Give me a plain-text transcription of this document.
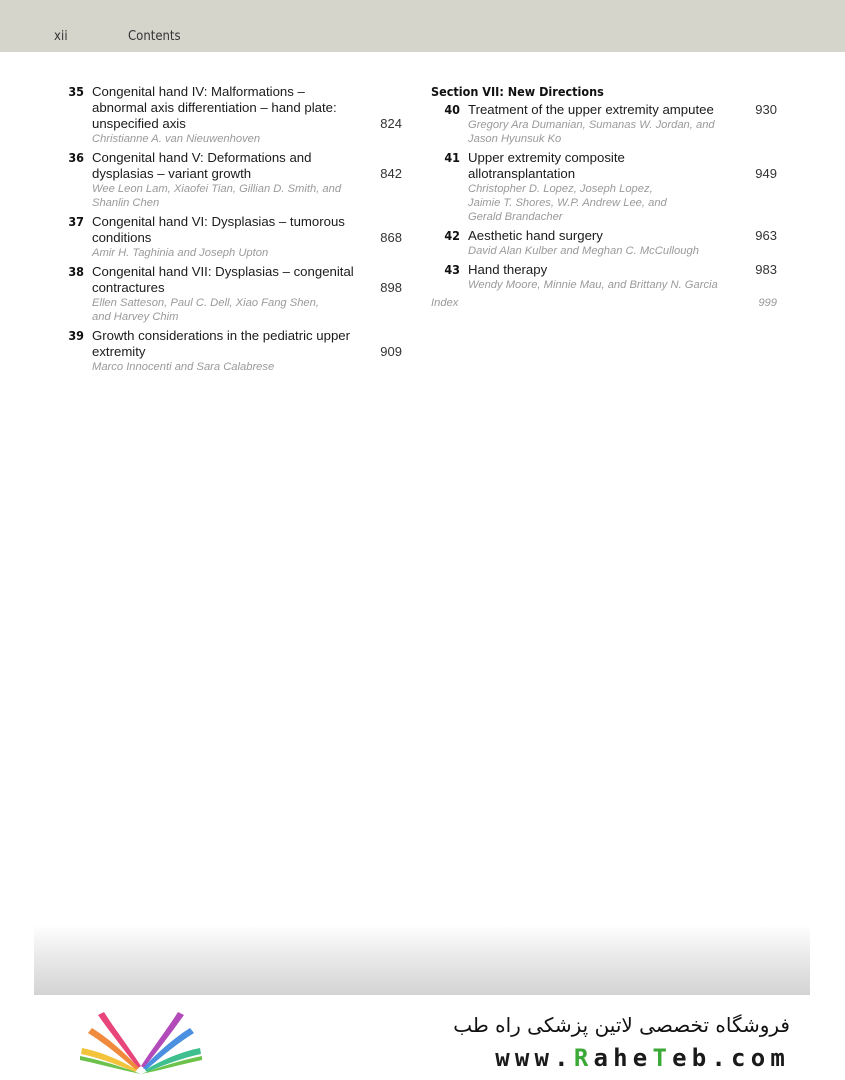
xii	Contents
35 Congenital hand IV: Malformations –
abnormal axis differentiation – hand plate:
unspecified axis
Christianne A. van Nieuwenhoven
824
36 Congenital hand V: Deformations and
dysplasias – variant growth
Wee Leon Lam, Xiaofei Tian, Gillian D. Smith, and
Shanlin Chen
842
37 Congenital hand VI: Dysplasias – tumorous
conditions
Amir H. Taghinia and Joseph Upton
868
38 Congenital hand VII: Dysplasias – congenital
contractures
Ellen Satteson, Paul C. Dell, Xiao Fang Shen,
and Harvey Chim
898
39 Growth considerations in the pediatric upper
extremity
Marco Innocenti and Sara Calabrese
909
Section VII: New Directions
40 Treatment of the upper extremity amputee
Gregory Ara Dumanian, Sumanas W. Jordan, and
Jason Hyunsuk Ko
930
41 Upper extremity composite
allotransplantation
Christopher D. Lopez, Joseph Lopez,
Jaimie T. Shores, W.P. Andrew Lee, and
Gerald Brandacher
949
42 Aesthetic hand surgery
David Alan Kulber and Meghan C. McCullough
963
43 Hand therapy
Wendy Moore, Minnie Mau, and Brittany N. Garcia
983
Index	999
فروشگاه تخصصی لاتین پزشکی راه طب
www.RaheTeb.com
